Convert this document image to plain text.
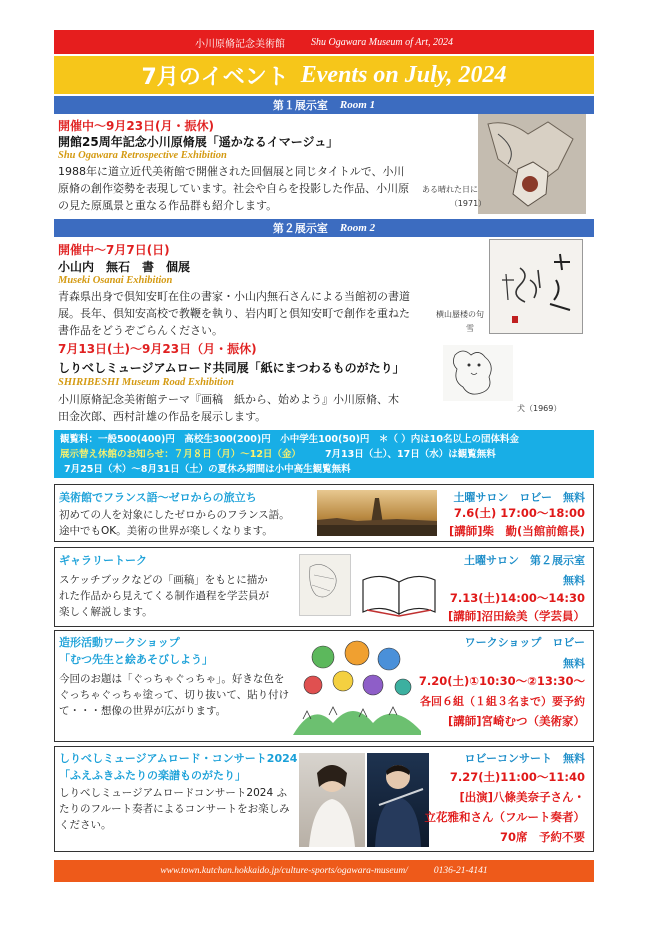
小川原脩記念美術館	Shu Ogawara Museum of Art, 2024
7月のイベント Events on July, 2024
第１展示室 Room 1
開催中～9月23日(月・振休)
開館25周年記念小川原脩展「遥かなるイマージュ」
Shu Ogawara Retrospective Exhibition
1988年に道立近代美術館で開催された回個展と同じタイトルで、小川原脩の創作姿勢を表現しています。社会や自らを投影した作品、小川原の見た原風景と重なる作品群も紹介します。
ある晴れた日に
（1971）
第２展示室 Room 2
開催中～7月7日(日)
小山内　無石　書　個展
Museki Osanai Exhibition
青森県出身で倶知安町在住の書家・小山内無石さんによる当館初の書道展。長年、倶知安高校で教鞭を執り、岩内町と倶知安町で創作を重ねた書作品をどうぞごらんください。
横山蜃楼の句
雪
7月13日(土)～9月23日（月・振休)
しりべしミュージアムロード共同展「紙にまつわるものがたり」
SHIRIBESHI Museum Road Exhibition
小川原脩記念美術館テーマ『画稿　紙から、始めよう』小川原脩、木田金次郎、西村計雄の作品を展示します。
犬（1969）
観覧料：一般500(400)円　高校生300(200)円　小中学生100(50)円　＊（ ）内は10名以上の団体料金
展示替え休館のお知らせ：７月８日（月）～12日（金）	7月13日（土）、17日（水）は観覧無料
7月25日（木）～8月31日（土）の夏休み期間は小中高生観覧無料
美術館でフランス語～ゼロからの旅立ち
初めての人を対象にしたゼロからのフランス語。途中でもOK。美術の世界が楽しくなります。
土曜サロン　ロビー　無料
7.6(土) 17:00～18:00
[講師]柴　勤(当館前館長)
ギャラリートーク
スケッチブックなどの「画稿」をもとに描かれた作品から見えてくる制作過程を学芸員が楽しく解説します。
土曜サロン　第２展示室
無料
7.13(土)14:00～14:30
[講師]沼田絵美（学芸員）
造形活動ワークショップ
「むつ先生と絵あそびしよう」
今回のお題は「ぐっちゃぐっちゃ」。好きな色をぐっちゃぐっちゃ塗って、切り抜いて、貼り付けて・・・想像の世界が広がります。
ワークショップ　ロビー
無料
7.20(土)①10:30～②13:30～
各回６組（１組３名まで）要予約
[講師]宮崎むつ（美術家）
しりべしミュージアムロード・コンサート2024
「ふえふきふたりの楽譜ものがたり」
しりべしミュージアムロードコンサート2024 ふたりのフルート奏者によるコンサートをお楽しみください。
ロビーコンサート　無料
7.27(土)11:00～11:40
[出演]八條美奈子さん・
立花雅和さん（フルート奏者）
70席　予約不要
www.town.kutchan.hokkaido.jp/culture-sports/ogawara-museum/	0136-21-4141
